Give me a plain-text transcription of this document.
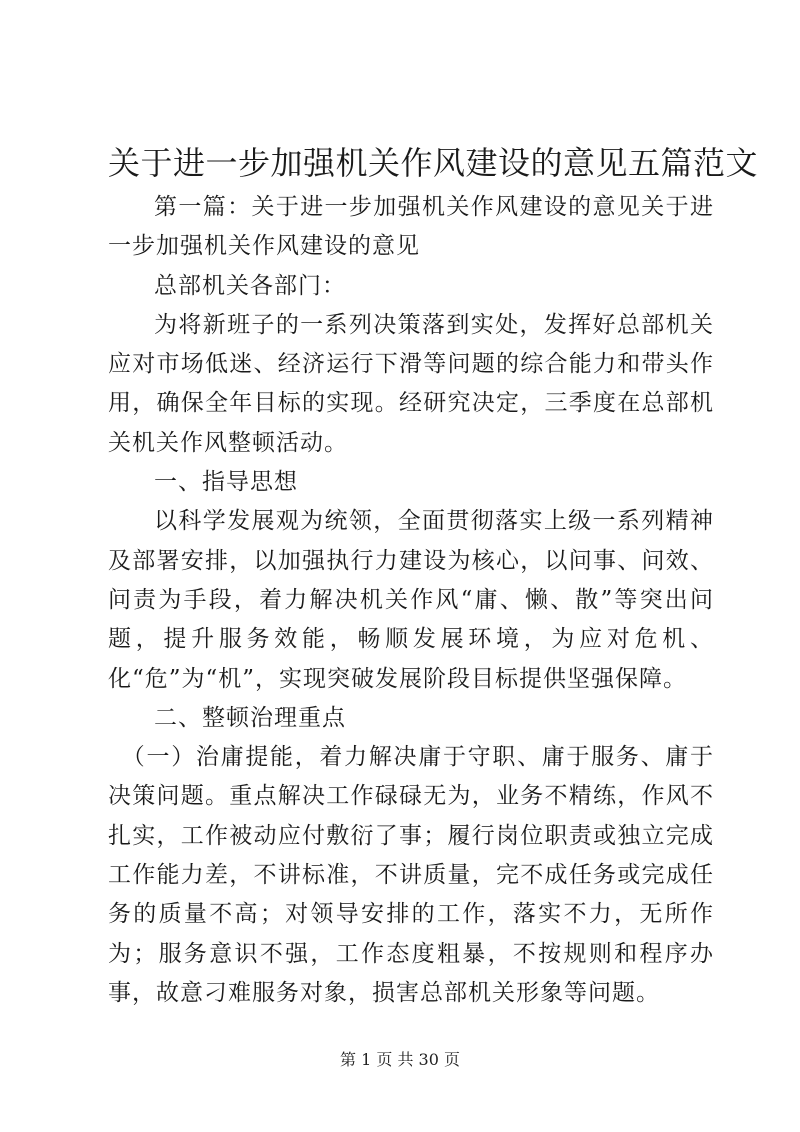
关于进一步加强机关作风建设的意见五篇范文

第一篇：关于进一步加强机关作风建设的意见关于进一步加强机关作风建设的意见

总部机关各部门：

为将新班子的一系列决策落到实处，发挥好总部机关应对市场低迷、经济运行下滑等问题的综合能力和带头作用，确保全年目标的实现。经研究决定，三季度在总部机关机关作风整顿活动。

一、指导思想

以科学发展观为统领，全面贯彻落实上级一系列精神及部署安排，以加强执行力建设为核心，以问事、问效、问责为手段，着力解决机关作风“庸、懒、散”等突出问题，提升服务效能，畅顺发展环境，为应对危机、化“危”为“机”，实现突破发展阶段目标提供坚强保障。

二、整顿治理重点

（一）治庸提能，着力解决庸于守职、庸于服务、庸于决策问题。重点解决工作碌碌无为，业务不精练，作风不扎实，工作被动应付敷衍了事；履行岗位职责或独立完成工作能力差，不讲标准，不讲质量，完不成任务或完成任务的质量不高；对领导安排的工作，落实不力，无所作为；服务意识不强，工作态度粗暴，不按规则和程序办事，故意刁难服务对象，损害总部机关形象等问题。

第 1 页 共 30 页
